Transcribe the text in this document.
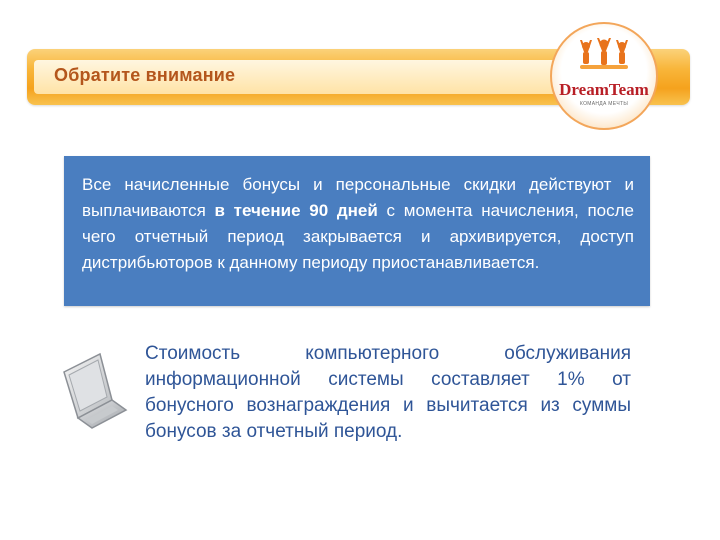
Обратите внимание
DreamTeam
КОМАНДА МЕЧТЫ
Все начисленные бонусы и персональные скидки действуют и выплачиваются в течение 90 дней с момента начисления, после чего отчетный период закрывается и архивируется, доступ дистрибьюторов к данному периоду приостанавливается.
Стоимость компьютерного обслуживания информационной системы составляет 1% от бонусного вознаграждения и вычитается из суммы бонусов за отчетный период.
